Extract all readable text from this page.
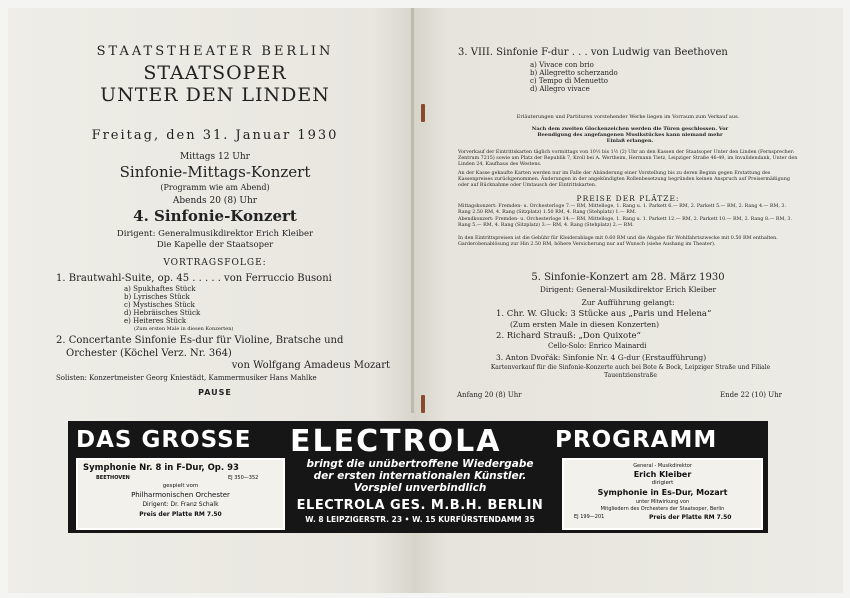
STAATSTHEATER BERLIN
STAATSOPER
UNTER DEN LINDEN
Freitag, den 31. Januar 1930
Mittags 12 Uhr
Sinfonie-Mittags-Konzert
(Programm wie am Abend)
Abends 20 (8) Uhr
4. Sinfonie-Konzert
Dirigent: Generalmusikdirektor Erich Kleiber
Die Kapelle der Staatsoper
VORTRAGSFOLGE:
1. Brautwahl-Suite, op. 45 . . . . . von Ferruccio Busoni
a) Spukhaftes Stück
b) Lyrisches Stück
c) Mystisches Stück
d) Hebräisches Stück
e) Heiteres Stück
(Zum ersten Male in diesen Konzerten)
2. Concertante Sinfonie Es-dur für Violine, Bratsche und
Orchester (Köchel Verz. Nr. 364)
von Wolfgang Amadeus Mozart
Solisten: Konzertmeister Georg Kniestädt, Kammermusiker Hans Mahlke
PAUSE
3. VIII. Sinfonie F-dur . . . von Ludwig van Beethoven
a) Vivace con brio
b) Allegretto scherzando
c) Tempo di Menuetto
d) Allegro vivace
Erläuterungen und Partituren vorstehender Werke liegen im Vorraum zum Verkauf aus.
Nach dem zweiten Glockenzeichen werden die Türen geschlossen. Vor Beendigung des angefangenen Musikstückes kann niemand mehr Einlaß erlangen.
Vorverkauf der Eintrittskarten täglich vormittags von 10½ bis 1½ (2) Uhr an den Kassen der Staatsoper Unter den Linden (Fernsprecher: Zentrum 7215) sowie am Platz der Republik 7, Kroll bei A. Wertheim, Hermann Tietz, Leipziger Straße 46-49, im Invalidendank, Unter den Linden 24, Kaufhaus des Westens.
An der Kasse gekaufte Karten werden nur im Falle der Abänderung einer Vorstellung bis zu deren Beginn gegen Erstattung des Kassenpreises zurückgenommen. Änderungen in der angekündigten Rollenbesetzung begründen keinen Anspruch auf Preisermäßigung oder auf Rücknahme oder Umtausch der Eintrittskarten.
PREISE DER PLÄTZE:
Mittagskonzert: Fremden- u. Orchesterloge 7.— RM, Mittelloge, 1. Rang u. 1. Parkett 6.— RM, 2. Parkett 5.— RM, 2. Rang 4.— RM, 3. Rang 2.50 RM, 4. Rang (Sitzplatz) 1.50 RM, 4. Rang (Stehplatz) 1.— RM.
Abendkonzert: Fremden- u. Orchesterloge 14.— RM, Mittelloge, 1. Rang u. 1. Parkett 12.— RM, 2. Parkett 10.— RM, 2. Rang 8.— RM, 3. Rang 5.— RM, 4. Rang (Sitzplatz) 3.— RM, 4. Rang (Stehplatz) 2.— RM.
In den Eintrittspreisen ist die Gebühr für Kleiderablage mit 0.60 RM und die Abgabe für Wohlfahrtszwecke mit 0.50 RM enthalten. Garderobenablösung zur Hin 2.50 RM, höhere Versicherung nur auf Wunsch (siehe Aushang im Theater).
5. Sinfonie-Konzert am 28. März 1930
Dirigent: General-Musikdirektor Erich Kleiber
Zur Aufführung gelangt:
1. Chr. W. Gluck: 3 Stücke aus „Paris und Helena“
(Zum ersten Male in diesen Konzerten)
2. Richard Strauß: „Don Quixote“
Cello-Solo: Enrico Mainardi
3. Anton Dvořák: Sinfonie Nr. 4 G-dur (Erstaufführung)
Kartenverkauf für die Sinfonie-Konzerte auch bei Bote & Bock, Leipziger Straße und Filiale Tauentzienstraße
Anfang 20 (8) Uhr	Ende 22 (10) Uhr
DAS GROSSE ELECTROLA PROGRAMM
Symphonie Nr. 8 in F-Dur, Op. 93
BEETHOVEN	EJ 350—352
gespielt vom
Philharmonischen Orchester
Dirigent: Dr. Franz Schalk
Preis der Platte RM 7.50
bringt die unübertroffene Wiedergabe
der ersten internationalen Künstler.
Vorspiel unverbindlich
ELECTROLA GES. M.B.H. BERLIN
W. 8 LEIPZIGERSTR. 23 • W. 15 KURFÜRSTENDAMM 35
General - Musikdirektor
Erich Kleiber
dirigiert
Symphonie in Es-Dur, Mozart
unter Mitwirkung von
Mitgliedern des Orchesters der Staatsoper, Berlin
EJ 199—201	Preis der Platte RM 7.50
